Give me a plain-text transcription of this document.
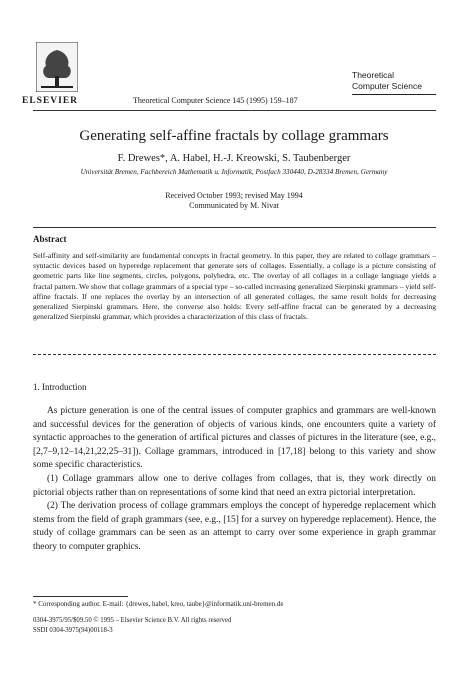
ELSEVIER	Theoretical Computer Science 145 (1995) 159–187
Theoretical
Computer Science
Generating self-affine fractals by collage grammars
F. Drewes*, A. Habel, H.-J. Kreowski, S. Taubenberger
Universität Bremen, Fachbereich Mathematik u. Informatik, Postfach 330440, D-28334 Bremen, Germany
Received October 1993; revised May 1994
Communicated by M. Nivat
Abstract
Self-affinity and self-similarity are fundamental concepts in fractal geometry. In this paper, they are related to collage grammars – syntactic devices based on hyperedge replacement that generate sets of collages. Essentially, a collage is a picture consisting of geometric parts like line segments, circles, polygons, polyhedra, etc. The overlay of all collages in a collage language yields a fractal pattern. We show that collage grammars of a special type – so-called increasing generalized Sierpinski grammars – yield self-affine fractals. If one replaces the overlay by an intersection of all generated collages, the same result holds for decreasing generalized Sierpinski grammars. Here, the converse also holds: Every self-affine fractal can be generated by a decreasing generalized Sierpinski grammar, which provides a characterization of this class of fractals.
1. Introduction

As picture generation is one of the central issues of computer graphics and grammars are well-known and successful devices for the generation of objects of various kinds, one encounters quite a variety of syntactic approaches to the generation of artifical pictures and classes of pictures in the literature (see, e.g., [2,7–9,12–14,21,22,25–31]). Collage grammars, introduced in [17,18] belong to this variety and show some specific characteristics.

(1) Collage grammars allow one to derive collages from collages, that is, they work directly on pictorial objects rather than on representations of some kind that need an extra pictorial interpretation.

(2) The derivation process of collage grammars employs the concept of hyperedge replacement which stems from the field of graph grammars (see, e.g., [15] for a survey on hyperedge replacement). Hence, the study of collage grammars can be seen as an attempt to carry over some experience in graph grammar theory to computer graphics.

* Corresponding author. E-mail: {drewes, habel, kreo, taube}@informatik.uni-bremen.de
0304-3975/95/$09.50 © 1995 – Elsevier Science B.V. All rights reserved
SSDI 0304-3975(94)00118-3
